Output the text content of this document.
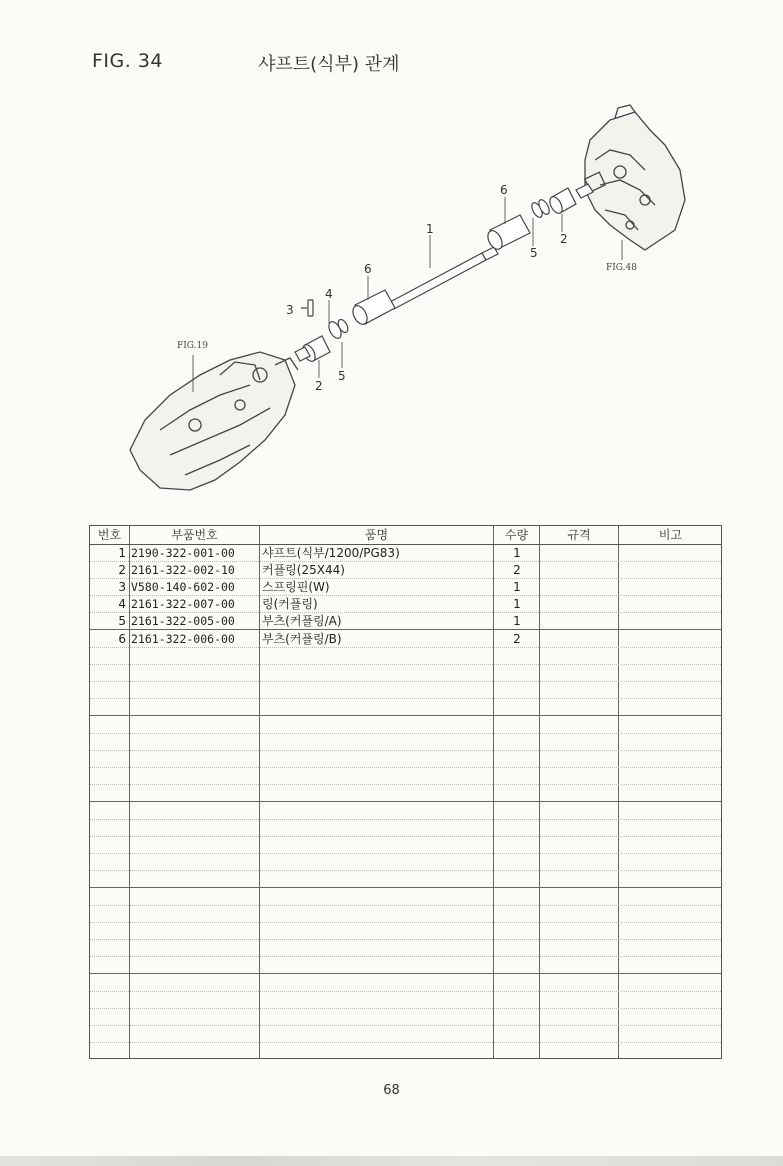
FIG. 34	샤프트(식부) 관계
1
2
2
3
4
5
5
6
6
FIG.19
FIG.48
번호	부품번호	품명	수량	규격	비고
1 2190-322-001-00 샤프트(식부/1200/PG83)	1
2 2161-322-002-10 커플링(25X44)	2
3 V580-140-602-00 스프링핀(W)	1
4 2161-322-007-00 링(커플링)	1
5 2161-322-005-00 부츠(커플링/A)	1
6 2161-322-006-00 부츠(커플링/B)	2
68
